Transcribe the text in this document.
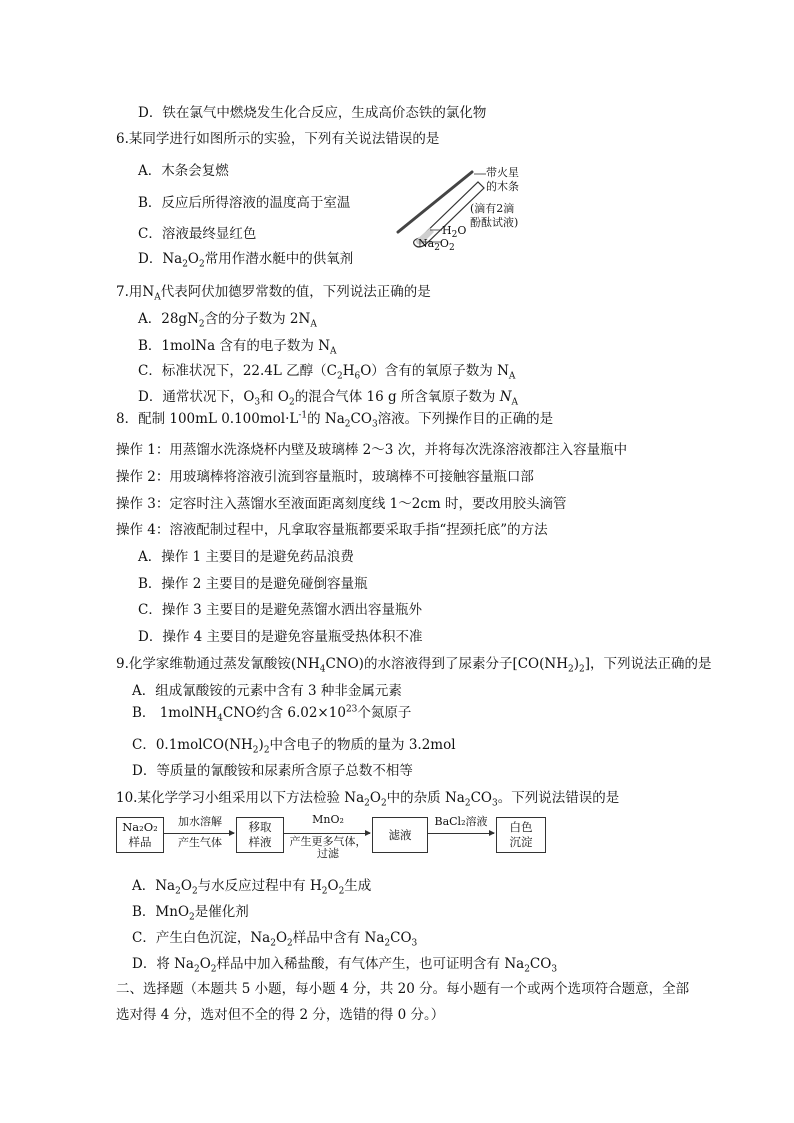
D．铁在氯气中燃烧发生化合反应，生成高价态铁的氯化物
6.某同学进行如图所示的实验，下列有关说法错误的是
A．木条会复燃
B．反应后所得溶液的温度高于室温
C．溶液最终显红色
D．$Na_2O_2$常用作潜水艇中的供氧剂
带火星
的木条
(滴有2滴
酚酞试液)
$H_2O$
$Na_2O_2$
7.用$N_A$代表阿伏加德罗常数的值，下列说法正确的是
A．$28gN_2$含的分子数为 $2N_A$
B．1molNa 含有的电子数为 $N_A$
C．标准状况下，22.4L 乙醇$(C_2H_6O)$含有的氧原子数为 $N_A$
D．通常状况下，$O_3$和 $O_2$的混合气体 16 g 所含氧原子数为 $N_A$
8．配制 100mL $0.100mol\cdot L^{-1}$的 $Na_2CO_3$溶液。下列操作目的正确的是
操作 1：用蒸馏水洗涤烧杯内壁及玻璃棒 2～3 次，并将每次洗涤溶液都注入容量瓶中
操作 2：用玻璃棒将溶液引流到容量瓶时，玻璃棒不可接触容量瓶口部
操作 3：定容时注入蒸馏水至液面距离刻度线 1～2cm 时，要改用胶头滴管
操作 4：溶液配制过程中，凡拿取容量瓶都要采取手指“捏颈托底”的方法
A．操作 1 主要目的是避免药品浪费
B．操作 2 主要目的是避免碰倒容量瓶
C．操作 3 主要目的是避免蒸馏水洒出容量瓶外
D．操作 4 主要目的是避免容量瓶受热体积不准
9.化学家维勒通过蒸发氰酸铵$(NH_4CNO)$的水溶液得到了尿素分子$[CO(NH_2)_2]$，下列说法正确的是
A．组成氰酸铵的元素中含有 3 种非金属元素
B． 1molNH$_4$CNO约含 $6.02\times 10^{23}$个氮原子
C．$0.1molCO(NH_2)_2$中含电子的物质的量为 3.2mol
D．等质量的氰酸铵和尿素所含原子总数不相等
10.某化学学习小组采用以下方法检验 $Na_2O_2$中的杂质 $Na_2CO_3$。下列说法错误的是
Na₂O₂
样品
加水溶解
产生气体
移取
样液
MnO₂
产生更多气体，
过滤
滤液
BaCl₂溶液	白色
沉淀
A．$Na_2O_2$与水反应过程中有 $H_2O_2$生成
B．MnO$_2$是催化剂
C．产生白色沉淀，$Na_2O_2$样品中含有 $Na_2CO_3$
D．将 $Na_2O_2$样品中加入稀盐酸，有气体产生，也可证明含有 $Na_2CO_3$
二、选择题（本题共 5 小题，每小题 4 分，共 20 分。每小题有一个或两个选项符合题意，全部
选对得 4 分，选对但不全的得 2 分，选错的得 0 分。）
